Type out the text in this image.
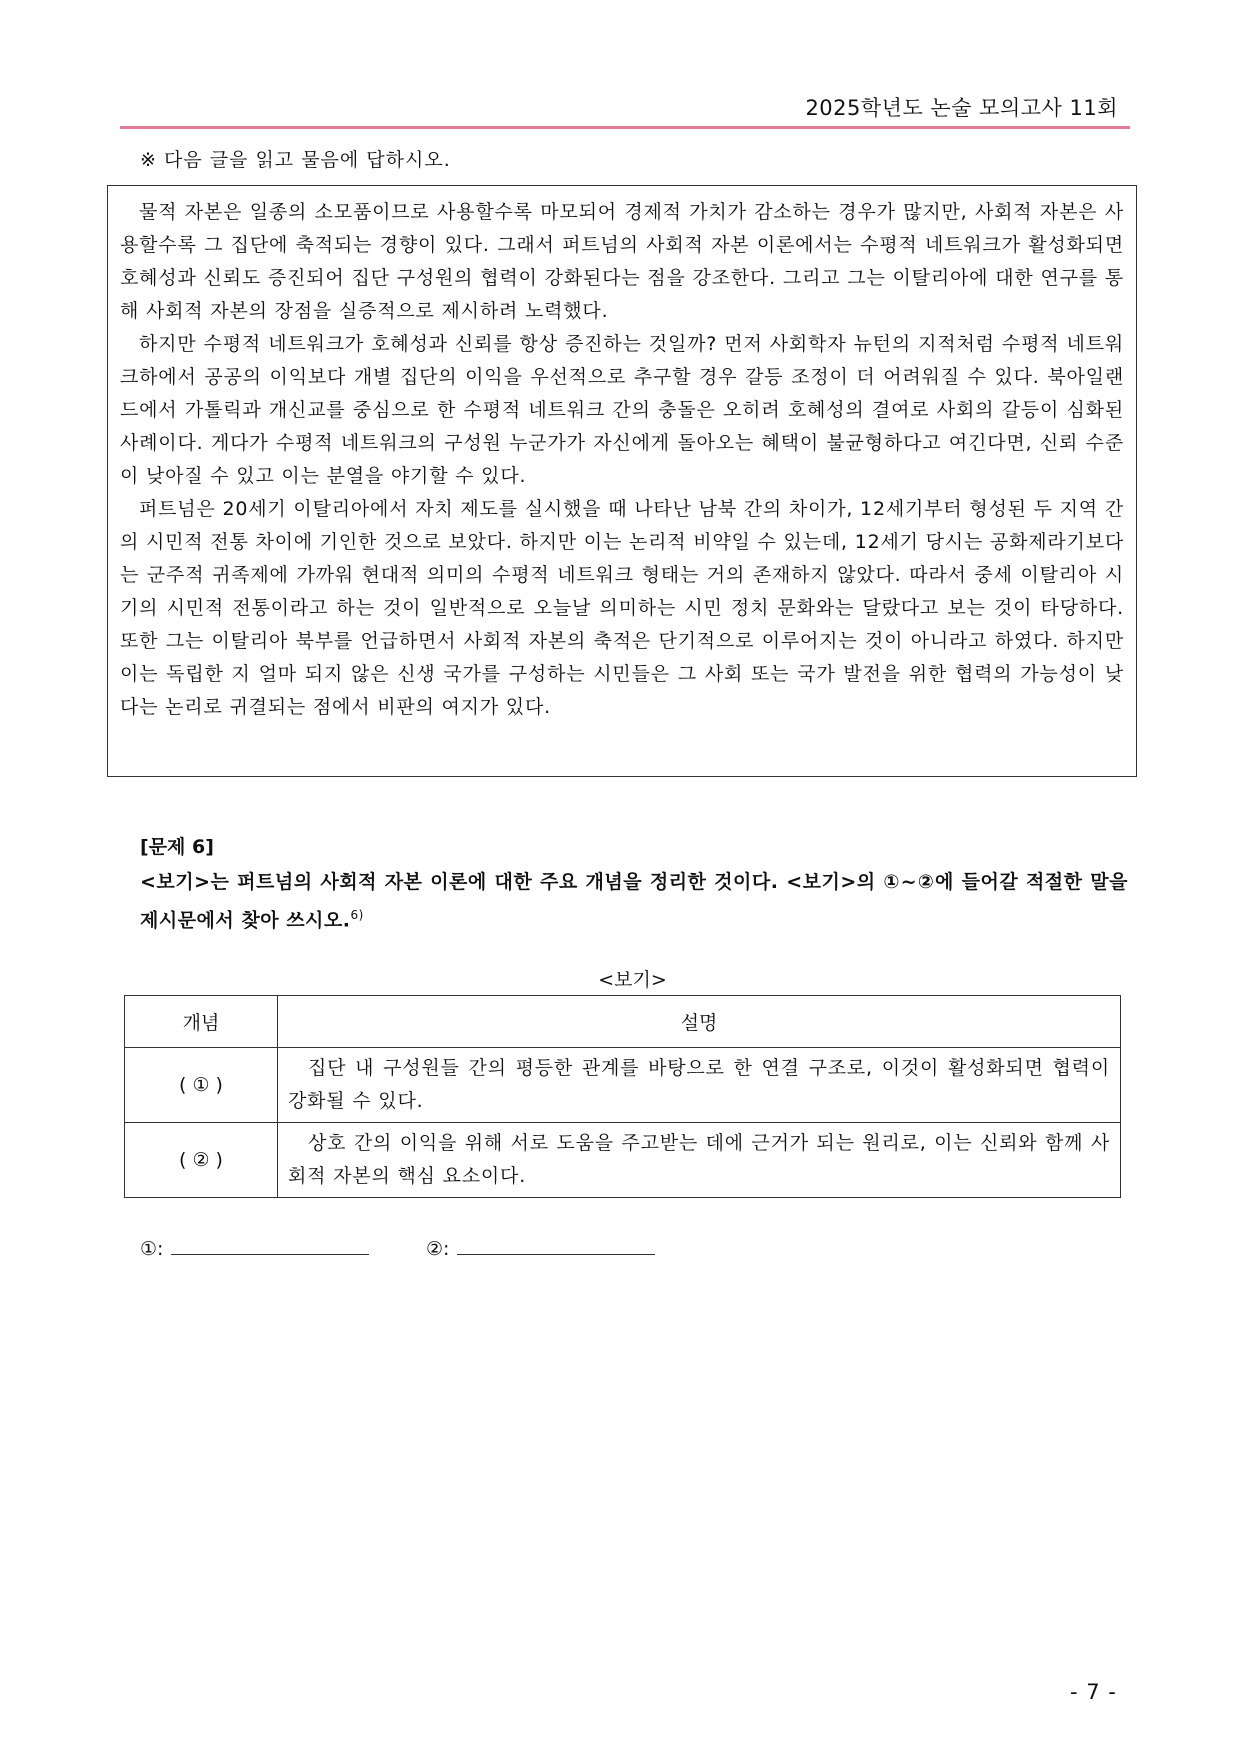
2025학년도 논술 모의고사 11회
※ 다음 글을 읽고 물음에 답하시오.

물적 자본은 일종의 소모품이므로 사용할수록 마모되어 경제적 가치가 감소하는 경우가 많지만, 사회적 자본은 사용할수록 그 집단에 축적되는 경향이 있다. 그래서 퍼트넘의 사회적 자본 이론에서는 수평적 네트워크가 활성화되면 호혜성과 신뢰도 증진되어 집단 구성원의 협력이 강화된다는 점을 강조한다. 그리고 그는 이탈리아에 대한 연구를 통해 사회적 자본의 장점을 실증적으로 제시하려 노력했다.

하지만 수평적 네트워크가 호혜성과 신뢰를 항상 증진하는 것일까? 먼저 사회학자 뉴턴의 지적처럼 수평적 네트워크하에서 공공의 이익보다 개별 집단의 이익을 우선적으로 추구할 경우 갈등 조정이 더 어려워질 수 있다. 북아일랜드에서 가톨릭과 개신교를 중심으로 한 수평적 네트워크 간의 충돌은 오히려 호혜성의 결여로 사회의 갈등이 심화된 사례이다. 게다가 수평적 네트워크의 구성원 누군가가 자신에게 돌아오는 혜택이 불균형하다고 여긴다면, 신뢰 수준이 낮아질 수 있고 이는 분열을 야기할 수 있다.

퍼트넘은 20세기 이탈리아에서 자치 제도를 실시했을 때 나타난 남북 간의 차이가, 12세기부터 형성된 두 지역 간의 시민적 전통 차이에 기인한 것으로 보았다. 하지만 이는 논리적 비약일 수 있는데, 12세기 당시는 공화제라기보다는 군주적 귀족제에 가까워 현대적 의미의 수평적 네트워크 형태는 거의 존재하지 않았다. 따라서 중세 이탈리아 시기의 시민적 전통이라고 하는 것이 일반적으로 오늘날 의미하는 시민 정치 문화와는 달랐다고 보는 것이 타당하다. 또한 그는 이탈리아 북부를 언급하면서 사회적 자본의 축적은 단기적으로 이루어지는 것이 아니라고 하였다. 하지만 이는 독립한 지 얼마 되지 않은 신생 국가를 구성하는 시민들은 그 사회 또는 국가 발전을 위한 협력의 가능성이 낮다는 논리로 귀결되는 점에서 비판의 여지가 있다.

[문제 6]
<보기>는 퍼트넘의 사회적 자본 이론에 대한 주요 개념을 정리한 것이다. <보기>의 ①~②에 들어갈 적절한 말을 제시문에서 찾아 쓰시오.$^{6)}$
<보기>
개념	설명
( ① )	집단 내 구성원들 간의 평등한 관계를 바탕으로 한 연결 구조로, 이것이 활성화되면 협력이 강화될 수 있다.
( ② )	상호 간의 이익을 위해 서로 도움을 주고받는 데에 근거가 되는 원리로, 이는 신뢰와 함께 사회적 자본의 핵심 요소이다.
①:	②:
- 7 -
